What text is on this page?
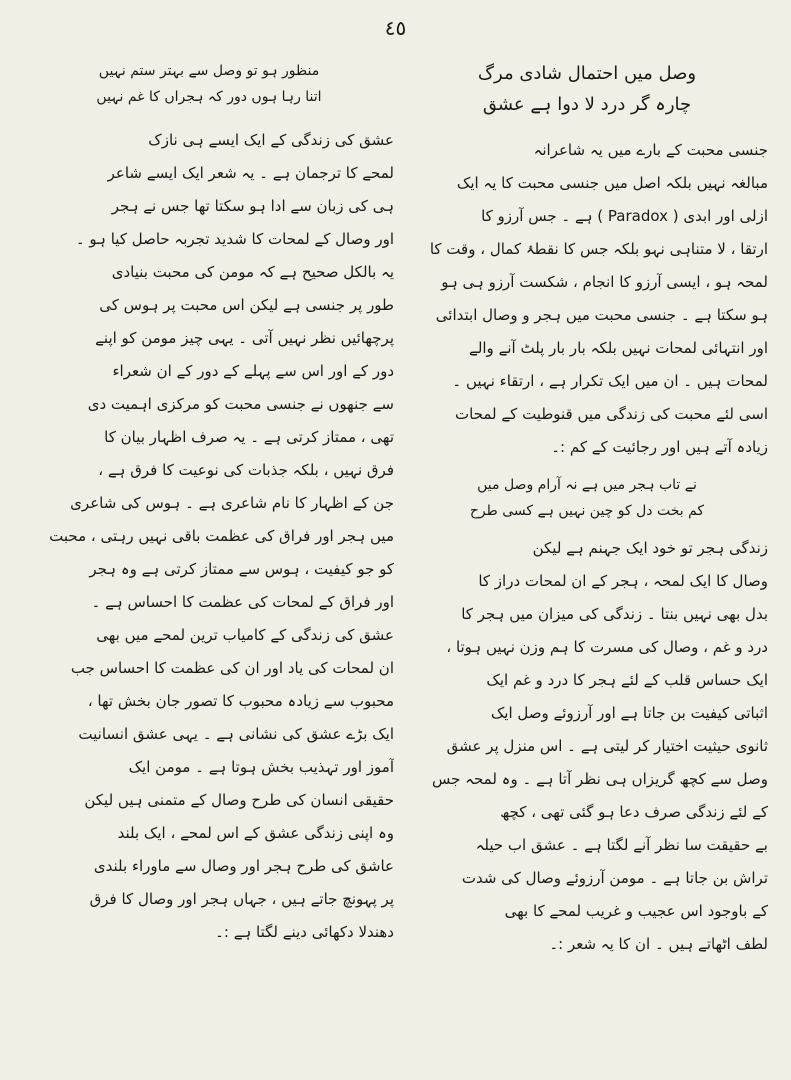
٤٥

وصل میں احتمال شادی مرگ

چارہ گر درد لا دوا ہے عشق

جنسی محبت کے بارے میں یہ شاعرانہ

مبالغہ نہیں بلکہ اصل میں جنسی محبت کا یہ ایک

ازلی اور ابدی ( Paradox ) ہے ۔ جس آرزو کا

ارتقا ، لا متناہی نہو بلکہ جس کا نقطۂ کمال ، وقت کا

لمحہ ہو ، ایسی آرزو کا انجام ، شکست آرزو ہی ہو

ہو سکتا ہے ۔ جنسی محبت میں ہجر و وصال ابتدائی

اور انتہائی لمحات نہیں بلکہ بار بار پلٹ آنے والے

لمحات ہیں ۔ ان میں ایک تکرار ہے ، ارتقاء نہیں ۔

اسی لئے محبت کی زندگی میں قنوطیت کے لمحات

زیادہ آتے ہیں اور رجائیت کے کم :۔

نے تاب ہجر میں ہے نہ آرام وصل میں

کم بخت دل کو چین نہیں ہے کسی طرح

زندگی ہجر تو خود ایک جہنم ہے لیکن

وصال کا ایک لمحہ ، ہجر کے ان لمحات دراز کا

بدل بھی نہیں بنتا ۔ زندگی کی میزان میں ہجر کا

درد و غم ، وصال کی مسرت کا ہم وزن نہیں ہوتا ،

ایک حساس قلب کے لئے ہجر کا درد و غم ایک

اثباتی کیفیت بن جاتا ہے اور آرزوئے وصل ایک

ثانوی حیثیت اختیار کر لیتی ہے ۔ اس منزل پر عشق

وصل سے کچھ گریزاں ہی نظر آتا ہے ۔ وہ لمحہ جس

کے لئے زندگی صرف دعا ہو گئی تھی ، کچھ

بے حقیقت سا نظر آنے لگتا ہے ۔ عشق اب حیلہ

تراش بن جاتا ہے ۔ مومن آرزوئے وصال کی شدت

کے باوجود اس عجیب و غریب لمحے کا بھی

لطف اٹھاتے ہیں ۔ ان کا یہ شعر :۔

منظور ہو تو وصل سے بہتر ستم نہیں

اتنا رہا ہوں دور کہ ہجراں کا غم نہیں

عشق کی زندگی کے ایک ایسے ہی نازک

لمحے کا ترجمان ہے ۔ یہ شعر ایک ایسے شاعر

ہی کی زبان سے ادا ہو سکتا تھا جس نے ہجر

اور وصال کے لمحات کا شدید تجربہ حاصل کیا ہو ۔

یہ بالکل صحیح ہے کہ مومن کی محبت بنیادی

طور پر جنسی ہے لیکن اس محبت پر ہوس کی

پرچھائیں نظر نہیں آتی ۔ یہی چیز مومن کو اپنے

دور کے اور اس سے پہلے کے دور کے ان شعراء

سے جنھوں نے جنسی محبت کو مرکزی اہمیت دی

تھی ، ممتاز کرتی ہے ۔ یہ صرف اظہار بیان کا

فرق نہیں ، بلکہ جذبات کی نوعیت کا فرق ہے ،

جن کے اظہار کا نام شاعری ہے ۔ ہوس کی شاعری

میں ہجر اور فراق کی عظمت باقی نہیں رہتی ، محبت

کو جو کیفیت ، ہوس سے ممتاز کرتی ہے وہ ہجر

اور فراق کے لمحات کی عظمت کا احساس ہے ۔

عشق کی زندگی کے کامیاب ترین لمحے میں بھی

ان لمحات کی یاد اور ان کی عظمت کا احساس جب

محبوب سے زیادہ محبوب کا تصور جان بخش تھا ،

ایک بڑے عشق کی نشانی ہے ۔ یہی عشق انسانیت

آموز اور تہذیب بخش ہوتا ہے ۔ مومن ایک

حقیقی انسان کی طرح وصال کے متمنی ہیں لیکن

وہ اپنی زندگی عشق کے اس لمحے ، ایک بلند

عاشق کی طرح ہجر اور وصال سے ماوراء بلندی

پر پہونچ جاتے ہیں ، جہاں ہجر اور وصال کا فرق

دھندلا دکھائی دینے لگتا ہے :۔
